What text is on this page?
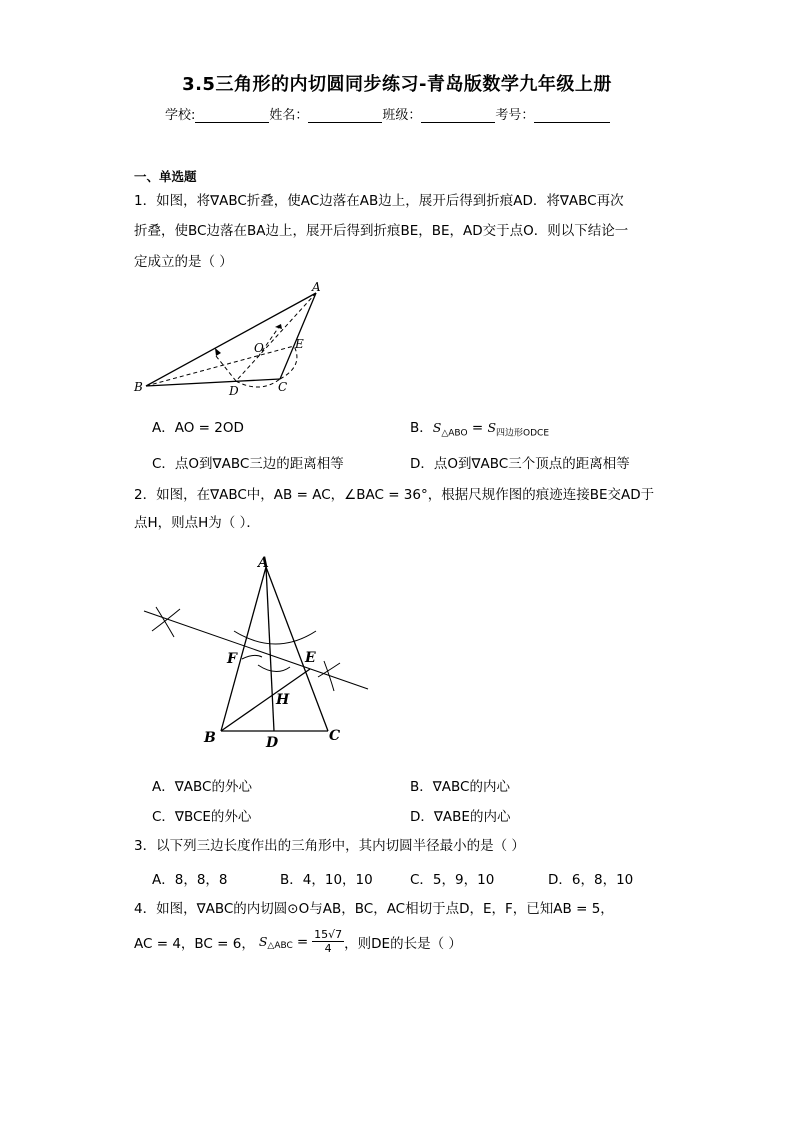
3.5三角形的内切圆同步练习-青岛版数学九年级上册
学校:	姓名：	班级：	考号：
一、单选题
1．如图，将∇ABC折叠，使AC边落在AB边上，展开后得到折痕AD．将∇ABC再次
折叠，使BC边落在BA边上，展开后得到折痕BE，BE，AD交于点O．则以下结论一
定成立的是（ ）
A
B	C
D
E
O
A．AO = 2OD	B．$S_{\triangle ABO} = S_{四边形ODCE}$
C．点O到∇ABC三边的距离相等	D．点O到∇ABC三个顶点的距离相等
2．如图，在∇ABC中，AB = AC，∠BAC = 36°，根据尺规作图的痕迹连接BE交AD于
点H，则点H为（ ）．
A
B	C
D
E
F
H
A．∇ABC的外心	B．∇ABC的内心
C．∇BCE的外心	D．∇ABE的内心
3．以下列三边长度作出的三角形中，其内切圆半径最小的是（ ）
A．8，8，8	B．4，10，10	C．5，9，10	D．6，8，10
4．如图，∇ABC的内切圆⊙O与AB，BC，AC相切于点D，E，F，已知AB = 5，
AC = 4，BC = 6， $S_{\triangle ABC} = \frac{15√7}{4}$ ，则DE的长是（ ）
